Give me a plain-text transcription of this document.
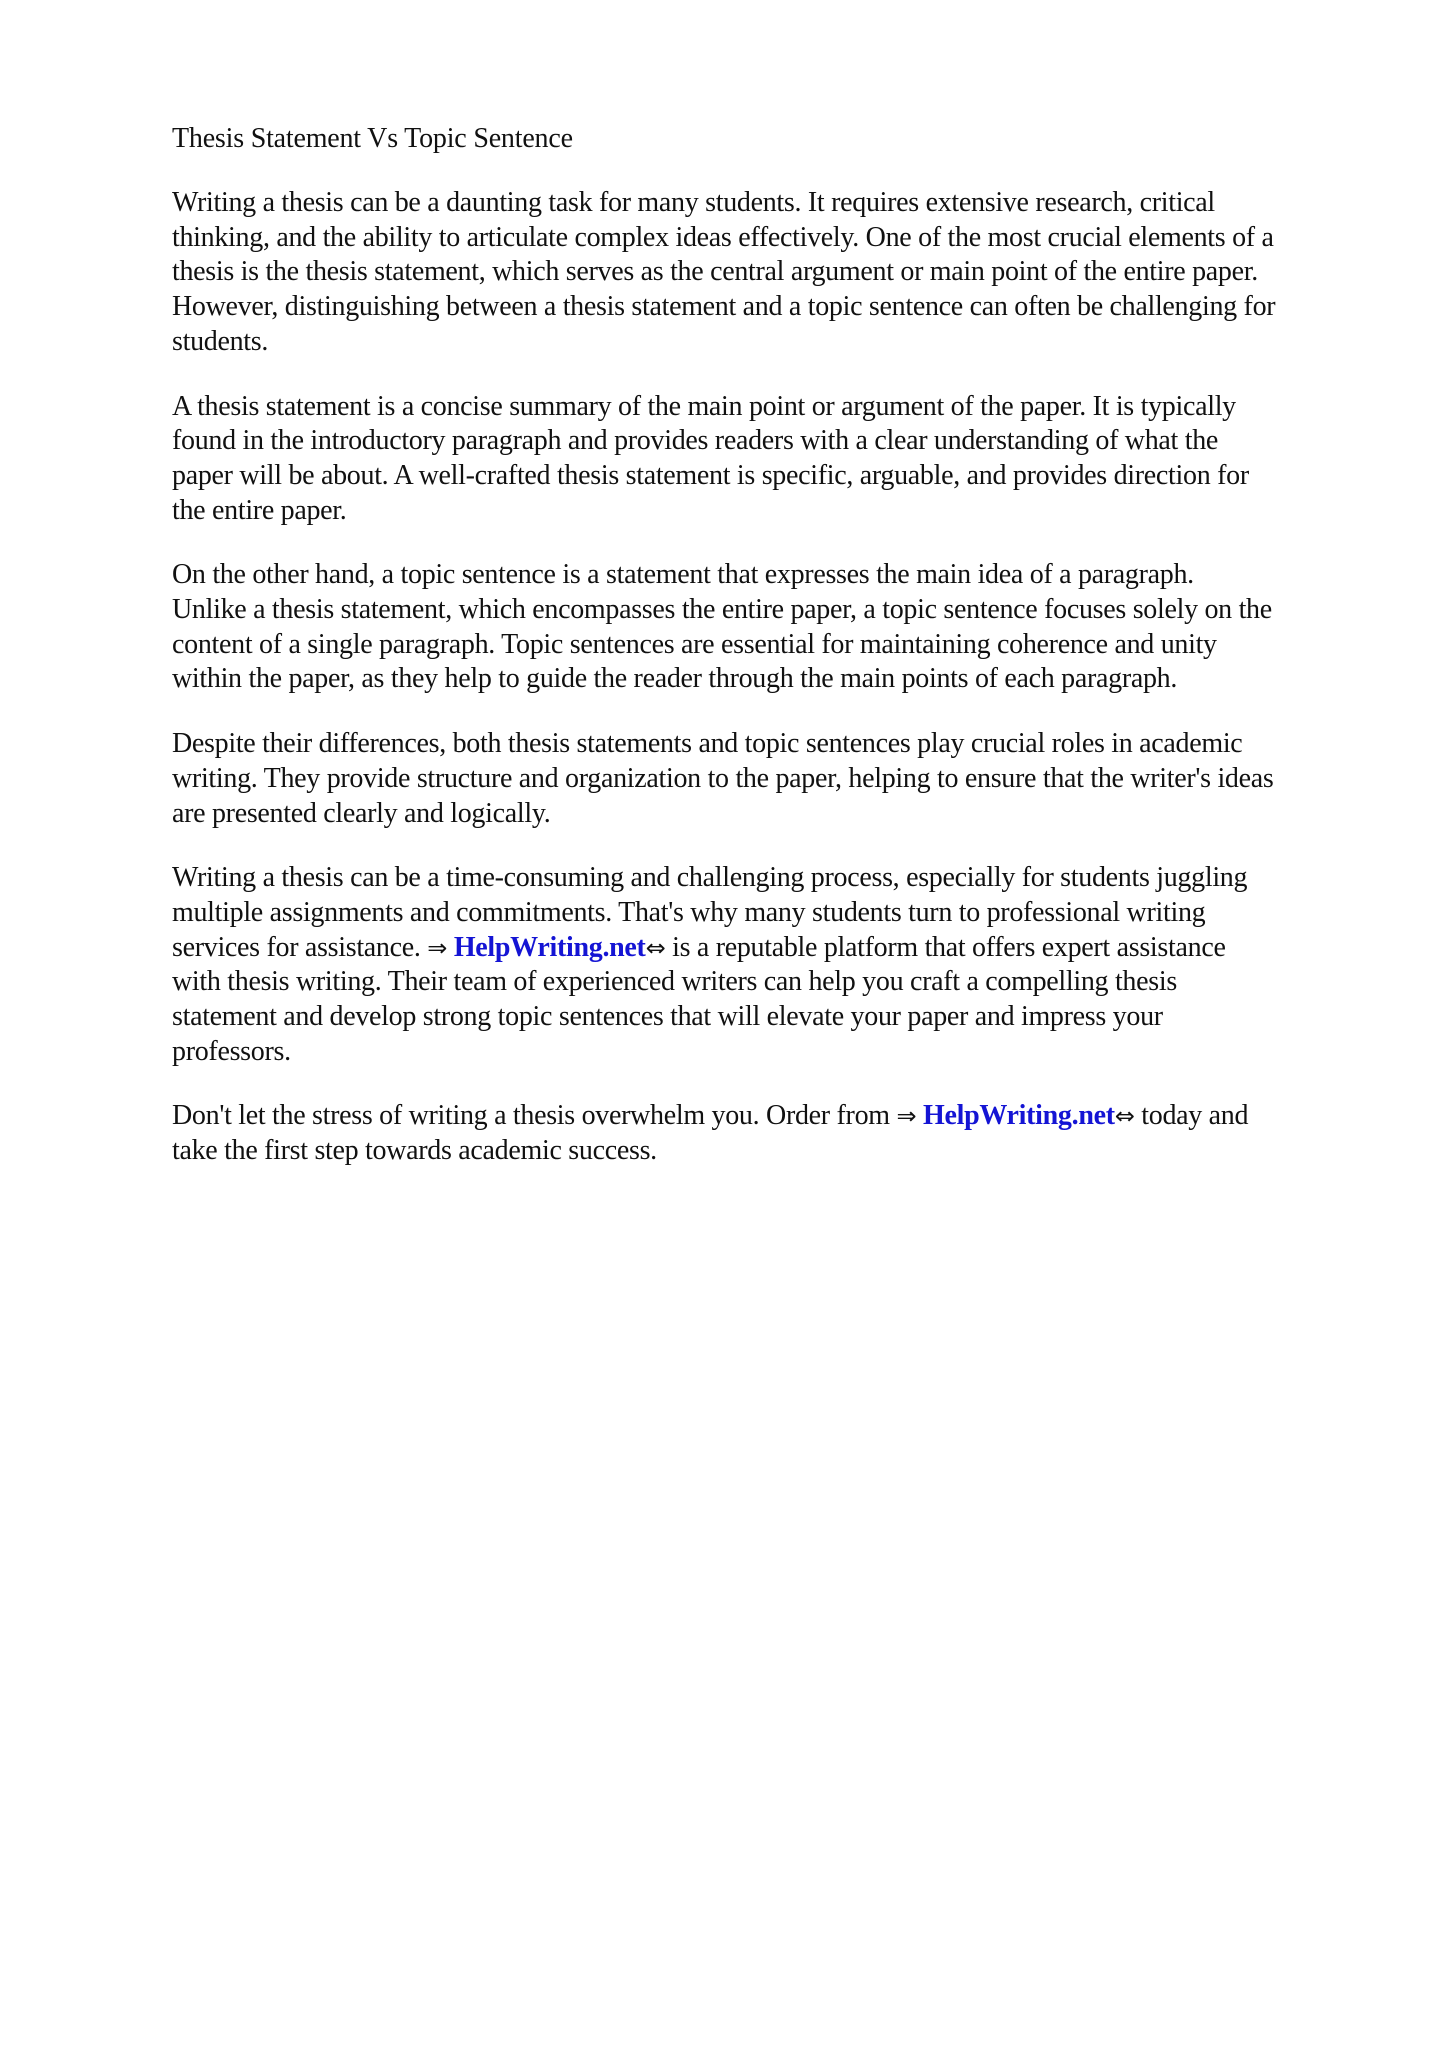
Thesis Statement Vs Topic Sentence

Writing a thesis can be a daunting task for many students. It requires extensive research, critical
thinking, and the ability to articulate complex ideas effectively. One of the most crucial elements of a
thesis is the thesis statement, which serves as the central argument or main point of the entire paper.
However, distinguishing between a thesis statement and a topic sentence can often be challenging for
students.

A thesis statement is a concise summary of the main point or argument of the paper. It is typically
found in the introductory paragraph and provides readers with a clear understanding of what the
paper will be about. A well-crafted thesis statement is specific, arguable, and provides direction for
the entire paper.

On the other hand, a topic sentence is a statement that expresses the main idea of a paragraph.
Unlike a thesis statement, which encompasses the entire paper, a topic sentence focuses solely on the
content of a single paragraph. Topic sentences are essential for maintaining coherence and unity
within the paper, as they help to guide the reader through the main points of each paragraph.

Despite their differences, both thesis statements and topic sentences play crucial roles in academic
writing. They provide structure and organization to the paper, helping to ensure that the writer's ideas
are presented clearly and logically.

Writing a thesis can be a time-consuming and challenging process, especially for students juggling
multiple assignments and commitments. That's why many students turn to professional writing
services for assistance. ⇒ HelpWriting.net⇔ is a reputable platform that offers expert assistance
with thesis writing. Their team of experienced writers can help you craft a compelling thesis
statement and develop strong topic sentences that will elevate your paper and impress your
professors.

Don't let the stress of writing a thesis overwhelm you. Order from ⇒ HelpWriting.net⇔ today and
take the first step towards academic success.
